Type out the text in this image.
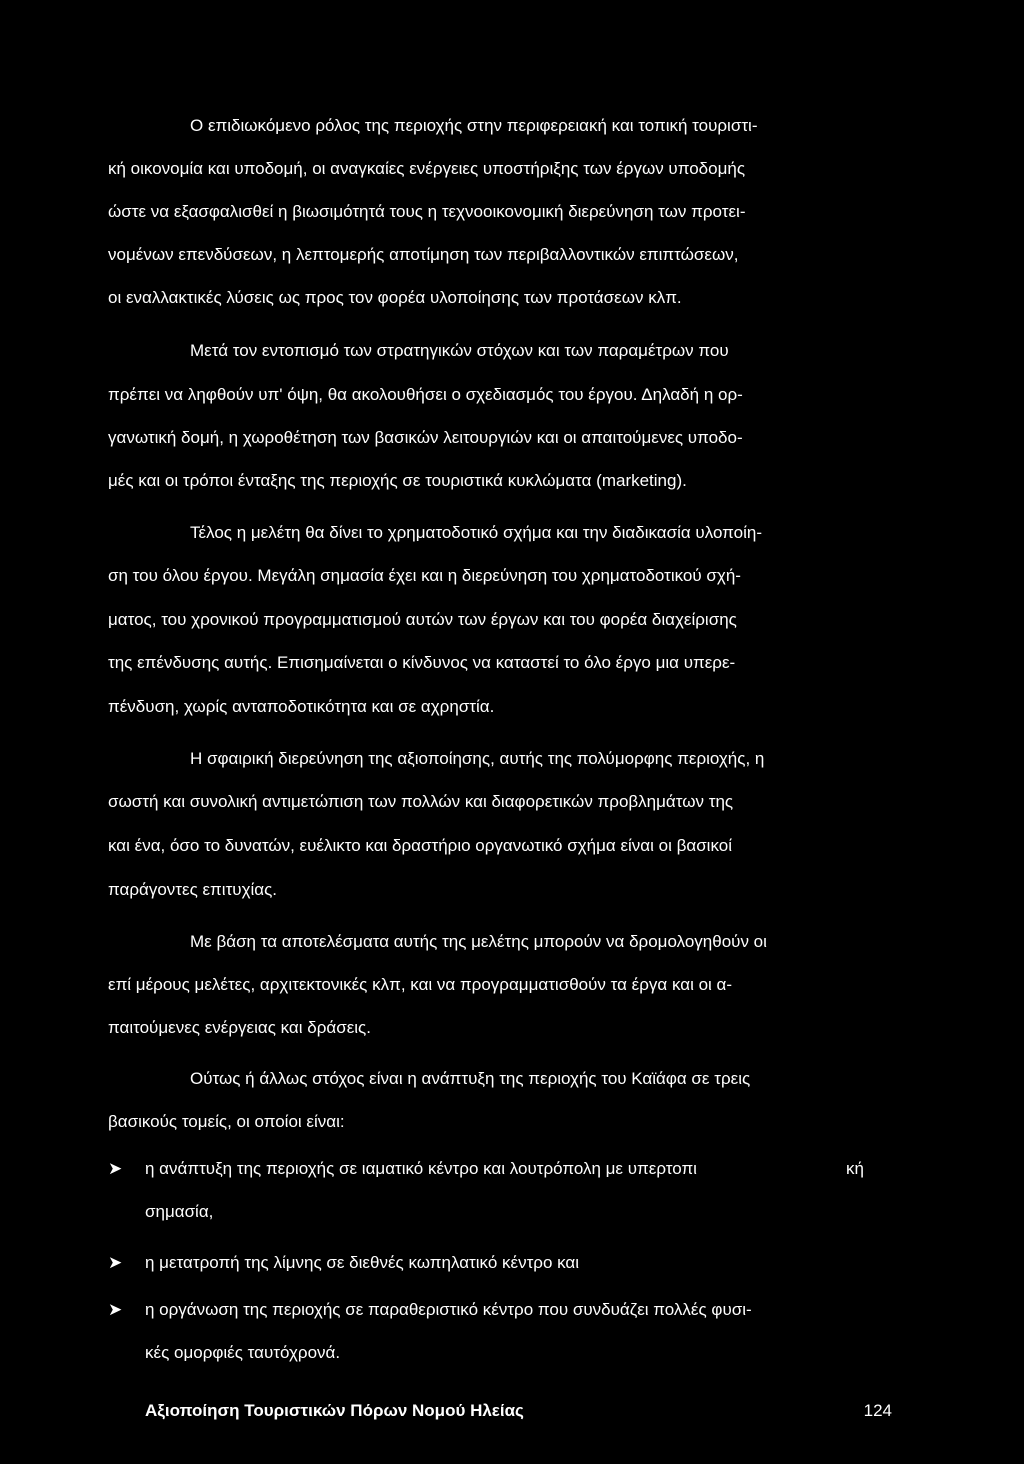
Ο επιδιωκόμενο ρόλος της περιοχής στην περιφερειακή και τοπική τουριστι-
κή οικονομία και υποδομή, οι αναγκαίες ενέργειες υποστήριξης των έργων υποδομής
ώστε να εξασφαλισθεί η βιωσιμότητά τους η τεχνοοικονομική διερεύνηση των προτει-
νομένων επενδύσεων, η λεπτομερής αποτίμηση των περιβαλλοντικών επιπτώσεων,
οι εναλλακτικές λύσεις ως προς τον φορέα υλοποίησης των προτάσεων κλπ.
Μετά τον εντοπισμό των στρατηγικών στόχων και των παραμέτρων που
πρέπει να ληφθούν υπ' όψη, θα ακολουθήσει ο σχεδιασμός του έργου. Δηλαδή η ορ-
γανωτική δομή, η χωροθέτηση των βασικών λειτουργιών και οι απαιτούμενες υποδο-
μές και οι τρόποι ένταξης της περιοχής σε τουριστικά κυκλώματα (marketing).
Τέλος η μελέτη θα δίνει το χρηματοδοτικό σχήμα και την διαδικασία υλοποίη-
ση του όλου έργου. Μεγάλη σημασία έχει και η διερεύνηση του χρηματοδοτικού σχή-
ματος, του χρονικού προγραμματισμού αυτών των έργων και του φορέα διαχείρισης
της επένδυσης αυτής. Επισημαίνεται ο κίνδυνος να καταστεί το όλο έργο μια υπερε-
πένδυση, χωρίς ανταποδοτικότητα και σε αχρηστία.
Η σφαιρική διερεύνηση της αξιοποίησης, αυτής της πολύμορφης περιοχής, η
σωστή και συνολική αντιμετώπιση των πολλών και διαφορετικών προβλημάτων της
και ένα, όσο το δυνατών, ευέλικτο και δραστήριο οργανωτικό σχήμα είναι οι βασικοί
παράγοντες επιτυχίας.
Με βάση τα αποτελέσματα αυτής της μελέτης μπορούν να δρομολογηθούν οι
επί μέρους μελέτες, αρχιτεκτονικές κλπ, και να προγραμματισθούν τα έργα και οι α-
παιτούμενες ενέργειας και δράσεις.
Ούτως ή άλλως στόχος είναι η ανάπτυξη της περιοχής του Καϊάφα σε τρεις
βασικούς τομείς, οι οποίοι είναι:
➤	η ανάπτυξη της περιοχής σε ιαματικό κέντρο και λουτρόπολη με υπερτοπι	κή
σημασία,
➤	η μετατροπή της λίμνης σε διεθνές κωπηλατικό κέντρο και
➤	η οργάνωση της περιοχής σε παραθεριστικό κέντρο που συνδυάζει πολλές φυσι-
κές ομορφιές ταυτόχρονά.
Αξιοποίηση Τουριστικών Πόρων Νομού Ηλείας	124
